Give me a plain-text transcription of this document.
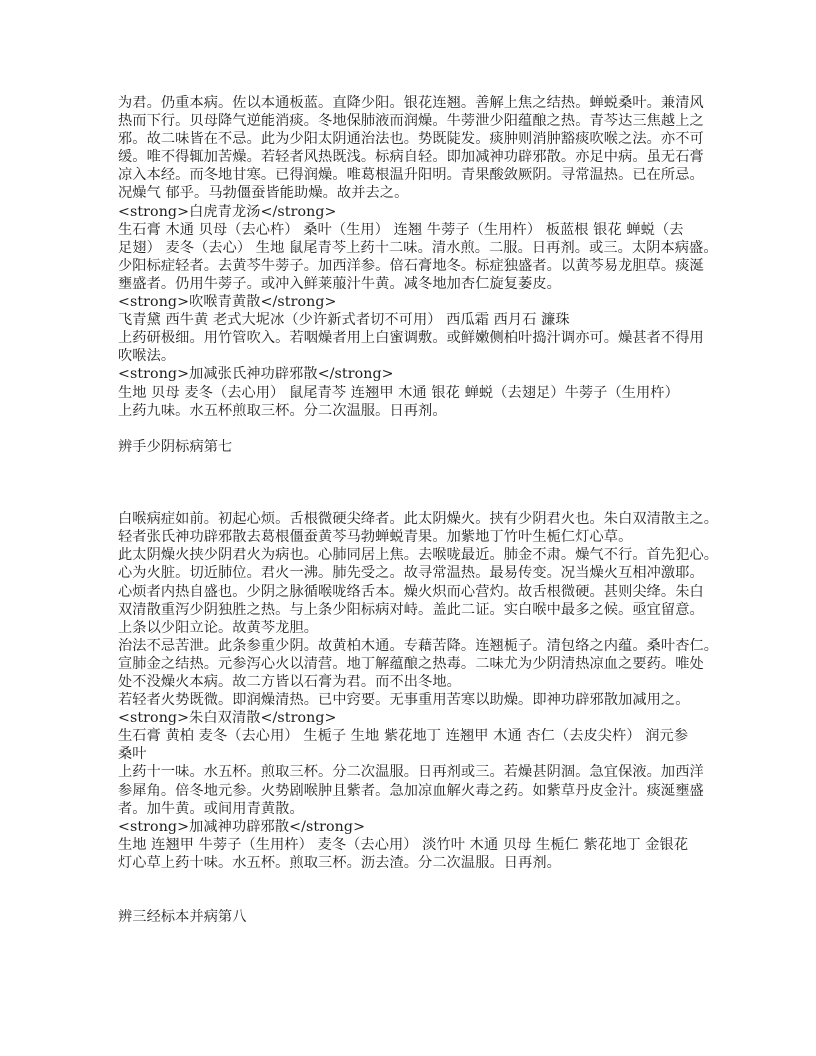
为君。仍重本病。佐以本通板蓝。直降少阳。银花连翘。善解上焦之结热。蝉蜕桑叶。兼清风
热而下行。贝母降气逆能消痰。冬地保肺液而润燥。牛蒡泄少阳蕴酿之热。青芩达三焦越上之
邪。故二味皆在不忌。此为少阳太阴通治法也。势既陡发。痰肿则消肿豁痰吹喉之法。亦不可
缓。唯不得辄加苦燥。若轻者风热既浅。标病自轻。即加减神功辟邪散。亦足中病。虽无石膏
凉入本经。而冬地甘寒。已得润燥。唯葛根温升阳明。青果酸敛厥阴。寻常温热。已在所忌。
况燥气 郁乎。马勃僵蚕皆能助燥。故并去之。
<strong>白虎青龙汤</strong>
生石膏 木通 贝母（去心杵） 桑叶（生用） 连翘 牛蒡子（生用杵） 板蓝根 银花 蝉蜕（去
足翅） 麦冬（去心） 生地 鼠尾青芩上药十二味。清水煎。二服。日再剂。或三。太阴本病盛。
少阳标症轻者。去黄芩牛蒡子。加西洋参。倍石膏地冬。标症独盛者。以黄芩易龙胆草。痰涎
壅盛者。仍用牛蒡子。或冲入鲜莱菔汁牛黄。减冬地加杏仁旋复萎皮。
<strong>吹喉青黄散</strong>
飞青黛 西牛黄 老式大坭冰（少许新式者切不可用） 西瓜霜 西月石 濂珠
上药研极细。用竹管吹入。若咽燥者用上白蜜调敷。或鲜嫩侧柏叶捣汁调亦可。燥甚者不得用
吹喉法。
<strong>加减张氏神功辟邪散</strong>
生地 贝母 麦冬（去心用） 鼠尾青芩 连翘甲 木通 银花 蝉蜕（去翅足）牛蒡子（生用杵）
上药九味。水五杯煎取三杯。分二次温服。日再剂。

辨手少阴标病第七

白喉病症如前。初起心烦。舌根微硬尖绛者。此太阴燥火。挟有少阴君火也。朱白双清散主之。
轻者张氏神功辟邪散去葛根僵蚕黄芩马勃蝉蜕青果。加紫地丁竹叶生栀仁灯心草。
此太阴燥火挟少阴君火为病也。心肺同居上焦。去喉咙最近。肺金不肃。燥气不行。首先犯心。
心为火脏。切近肺位。君火一沸。肺先受之。故寻常温热。最易传变。况当燥火互相冲激耶。
心烦者内热自盛也。少阴之脉循喉咙络舌本。燥火炽而心营灼。故舌根微硬。甚则尖绛。朱白
双清散重泻少阴独胜之热。与上条少阳标病对峙。盖此二证。实白喉中最多之候。亟宜留意。
上条以少阳立论。故黄芩龙胆。
治法不忌苦泄。此条参重少阴。故黄柏木通。专藉苦降。连翘栀子。清包络之内蕴。桑叶杏仁。
宣肺金之结热。元参泻心火以清营。地丁解蕴酿之热毒。二味尤为少阴清热凉血之要药。唯处
处不没燥火本病。故二方皆以石膏为君。而不出冬地。
若轻者火势既微。即润燥清热。已中窍要。无事重用苦寒以助燥。即神功辟邪散加减用之。
<strong>朱白双清散</strong>
生石膏 黄柏 麦冬（去心用） 生栀子 生地 紫花地丁 连翘甲 木通 杏仁（去皮尖杵） 润元参
桑叶
上药十一味。水五杯。煎取三杯。分二次温服。日再剂或三。若燥甚阴涸。急宜保液。加西洋
参犀角。倍冬地元参。火势剧喉肿且紫者。急加凉血解火毒之药。如紫草丹皮金汁。痰涎壅盛
者。加牛黄。或间用青黄散。
<strong>加减神功辟邪散</strong>
生地 连翘甲 牛蒡子（生用杵） 麦冬（去心用） 淡竹叶 木通 贝母 生栀仁 紫花地丁 金银花
灯心草上药十味。水五杯。煎取三杯。沥去渣。分二次温服。日再剂。

辨三经标本并病第八
